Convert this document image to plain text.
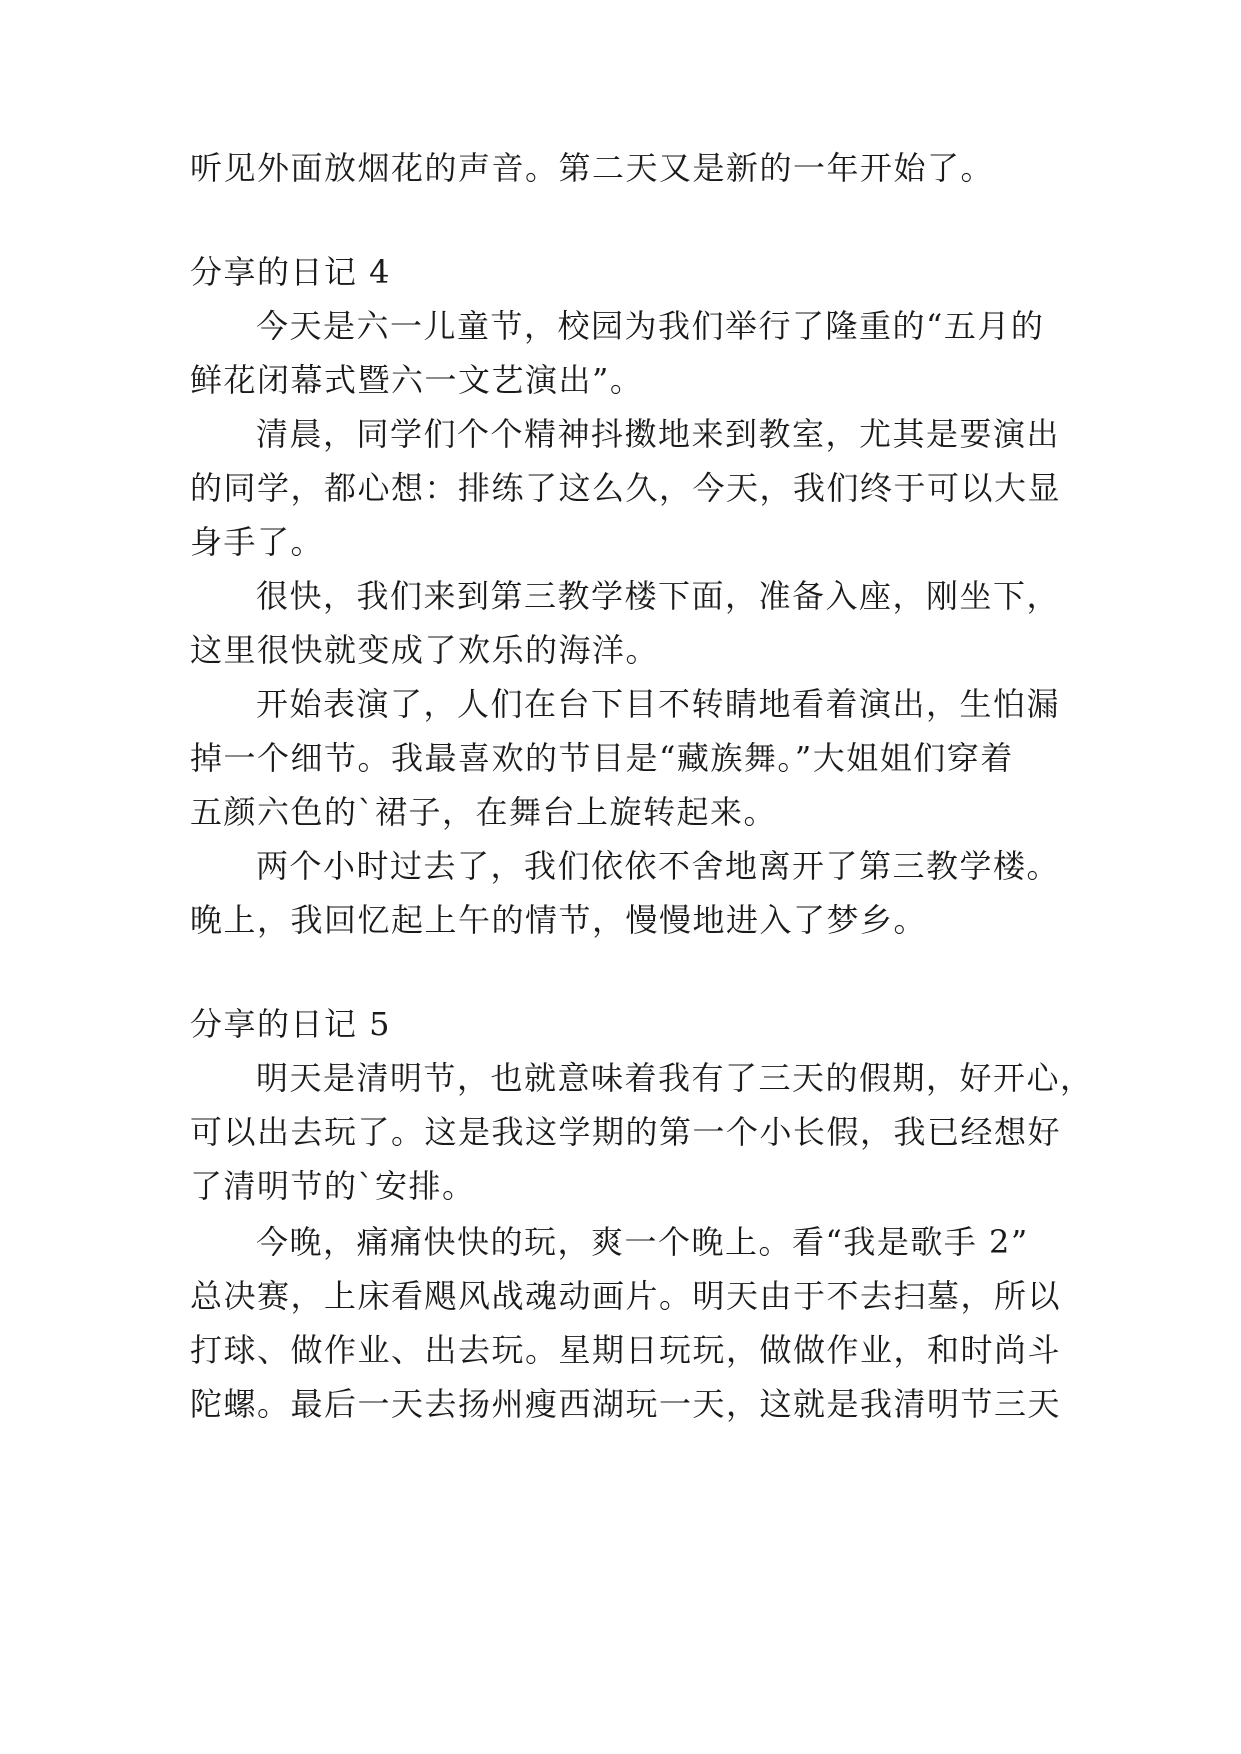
听见外面放烟花的声音。第二天又是新的一年开始了。
分享的日记 4
今天是六一儿童节，校园为我们举行了隆重的“五月的
鲜花闭幕式暨六一文艺演出”。
清晨，同学们个个精神抖擞地来到教室，尤其是要演出
的同学，都心想：排练了这么久，今天，我们终于可以大显
身手了。
很快，我们来到第三教学楼下面，准备入座，刚坐下，
这里很快就变成了欢乐的海洋。
开始表演了，人们在台下目不转睛地看着演出，生怕漏
掉一个细节。我最喜欢的节目是“藏族舞。”大姐姐们穿着
五颜六色的`裙子，在舞台上旋转起来。
两个小时过去了，我们依依不舍地离开了第三教学楼。
晚上，我回忆起上午的情节，慢慢地进入了梦乡。
分享的日记 5
明天是清明节，也就意味着我有了三天的假期，好开心，
可以出去玩了。这是我这学期的第一个小长假，我已经想好
了清明节的`安排。
今晚，痛痛快快的玩，爽一个晚上。看“我是歌手 2”
总决赛，上床看飓风战魂动画片。明天由于不去扫墓，所以
打球、做作业、出去玩。星期日玩玩，做做作业，和时尚斗
陀螺。最后一天去扬州瘦西湖玩一天，这就是我清明节三天
